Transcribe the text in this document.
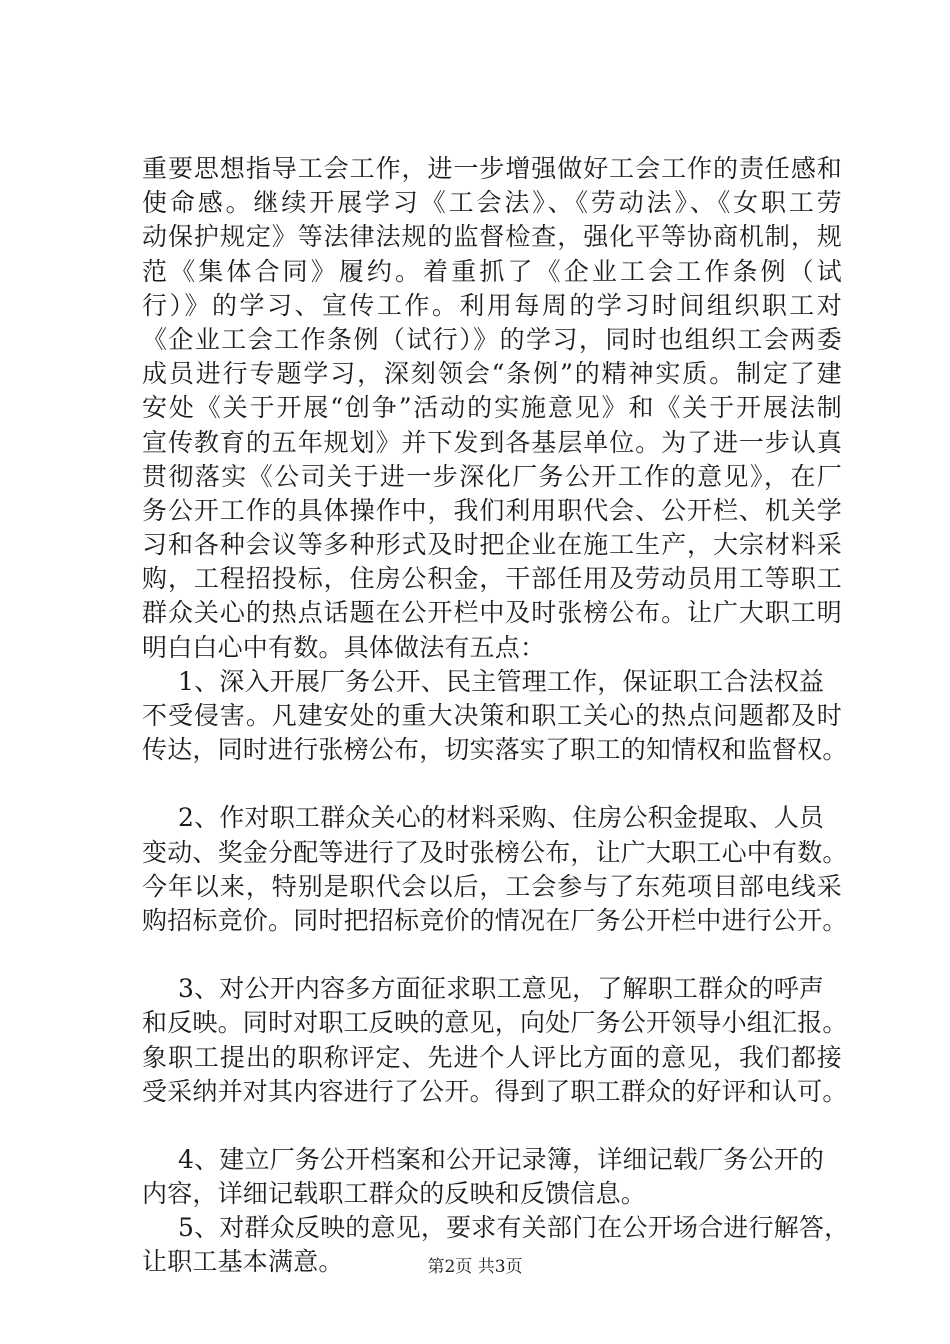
重要思想指导工会工作，进一步增强做好工会工作的责任感和
使命感。继续开展学习《工会法》、《劳动法》、《女职工劳
动保护规定》等法律法规的监督检查，强化平等协商机制，规
范《集体合同》履约。着重抓了《企业工会工作条例（试
行）》的学习、宣传工作。利用每周的学习时间组织职工对
《企业工会工作条例（试行）》的学习，同时也组织工会两委
成员进行专题学习，深刻领会“条例”的精神实质。制定了建
安处《关于开展“创争”活动的实施意见》和《关于开展法制
宣传教育的五年规划》并下发到各基层单位。为了进一步认真
贯彻落实《公司关于进一步深化厂务公开工作的意见》，在厂
务公开工作的具体操作中，我们利用职代会、公开栏、机关学
习和各种会议等多种形式及时把企业在施工生产，大宗材料采
购，工程招投标，住房公积金，干部任用及劳动员用工等职工
群众关心的热点话题在公开栏中及时张榜公布。让广大职工明
明白白心中有数。具体做法有五点：
1、深入开展厂务公开、民主管理工作，保证职工合法权益
不受侵害。凡建安处的重大决策和职工关心的热点问题都及时
传达，同时进行张榜公布，切实落实了职工的知情权和监督权。
2、作对职工群众关心的材料采购、住房公积金提取、人员
变动、奖金分配等进行了及时张榜公布，让广大职工心中有数。
今年以来，特别是职代会以后，工会参与了东苑项目部电线采
购招标竞价。同时把招标竞价的情况在厂务公开栏中进行公开。
3、对公开内容多方面征求职工意见，了解职工群众的呼声
和反映。同时对职工反映的意见，向处厂务公开领导小组汇报。
象职工提出的职称评定、先进个人评比方面的意见，我们都接
受采纳并对其内容进行了公开。得到了职工群众的好评和认可。
4、建立厂务公开档案和公开记录簿，详细记载厂务公开的
内容，详细记载职工群众的反映和反馈信息。
5、对群众反映的意见，要求有关部门在公开场合进行解答，
让职工基本满意。	第2页 共3页
